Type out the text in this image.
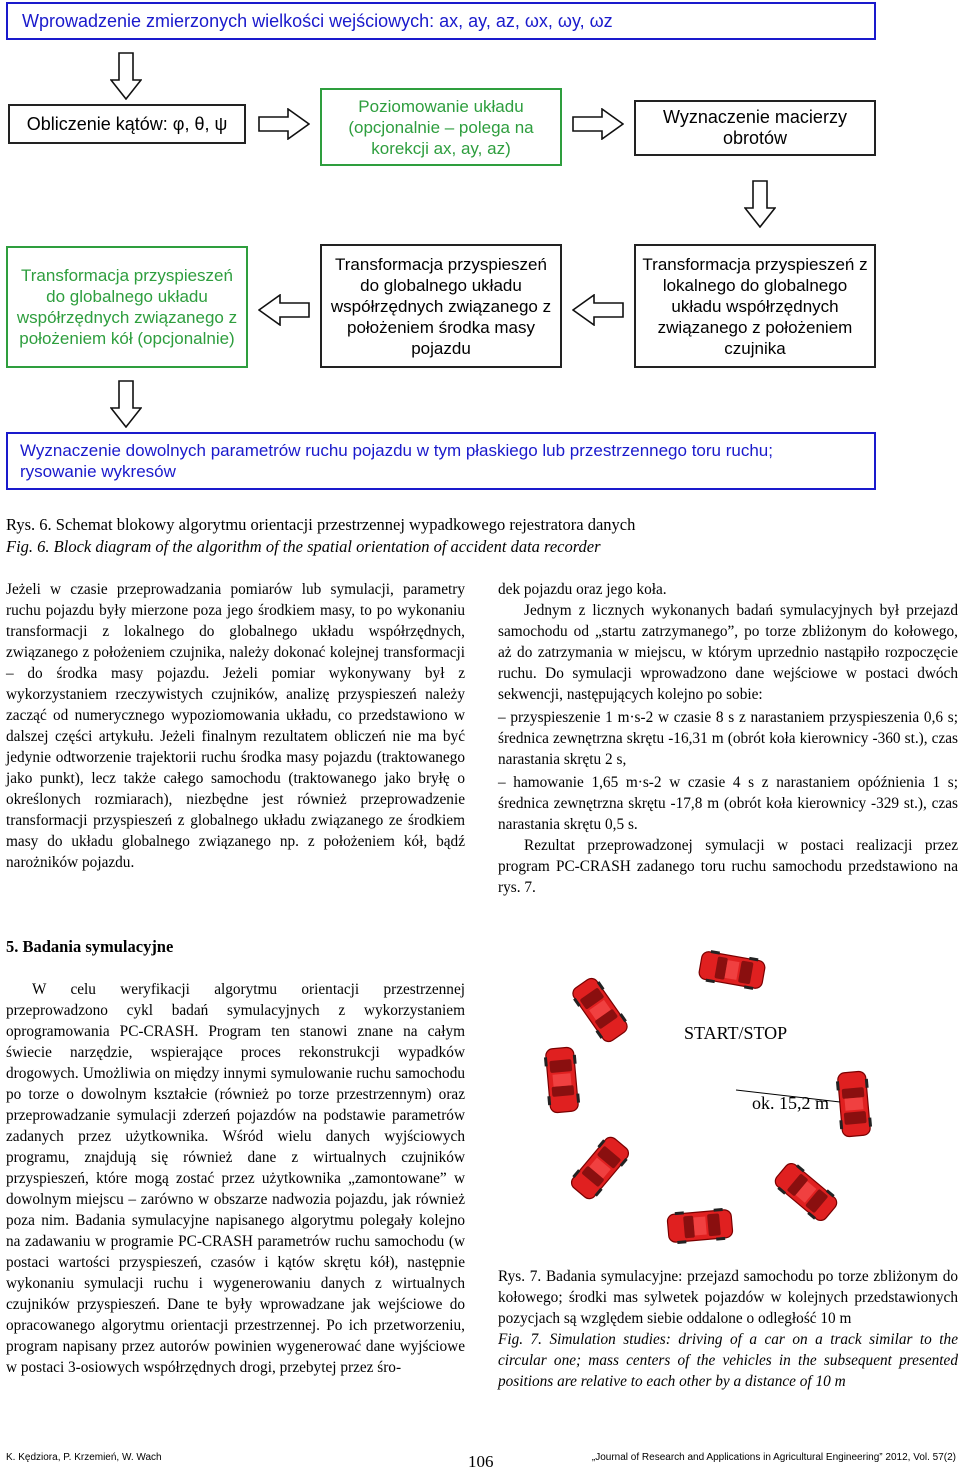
Wprowadzenie zmierzonych wielkości wejściowych: ax, ay, az, ωx, ωy, ωz
Obliczenie kątów: φ, θ, ψ
Poziomowanie układu (opcjonalnie – polega na korekcji ax, ay, az)
Wyznaczenie macierzy obrotów
Transformacja przyspieszeń do globalnego układu współrzędnych związanego z położeniem kół (opcjonalnie)
Transformacja przyspieszeń do globalnego układu współrzędnych związanego z położeniem środka masy pojazdu
Transformacja przyspieszeń z lokalnego do globalnego układu współrzędnych związanego z położeniem czujnika
Wyznaczenie dowolnych parametrów ruchu pojazdu w tym płaskiego lub przestrzennego toru ruchu; rysowanie wykresów
Rys. 6. Schemat blokowy algorytmu orientacji przestrzennej wypadkowego rejestratora danych
Fig. 6. Block diagram of the algorithm of the spatial orientation of accident data recorder

Jeżeli w czasie przeprowadzania pomiarów lub symulacji, parametry ruchu pojazdu były mierzone poza jego środkiem masy, to po wykonaniu transformacji z lokalnego do globalnego układu współrzędnych, związanego z położeniem czujnika, należy dokonać kolejnej transformacji – do środka masy pojazdu. Jeżeli pomiar wykonywany był z wykorzystaniem rzeczywistych czujników, analizę przyspieszeń należy zacząć od numerycznego wypoziomowania układu, co przedstawiono w dalszej części artykułu. Jeżeli finalnym rezultatem obliczeń nie ma być jedynie odtworzenie trajektorii ruchu środka masy pojazdu (traktowanego jako punkt), lecz także całego samochodu (traktowanego jako bryłę o określonych rozmiarach), niezbędne jest również przeprowadzenie transformacji przyspieszeń z globalnego układu związanego ze środkiem masy do układu globalnego związanego np. z położeniem kół, bądź narożników pojazdu.

5. Badania symulacyjne

W celu weryfikacji algorytmu orientacji przestrzennej przeprowadzono cykl badań symulacyjnych z wykorzystaniem oprogramowania PC-CRASH. Program ten stanowi znane na całym świecie narzędzie, wspierające proces rekonstrukcji wypadków drogowych. Umożliwia on między innymi symulowanie ruchu samochodu po torze o dowolnym kształcie (również po torze przestrzennym) oraz przeprowadzanie symulacji zderzeń pojazdów na podstawie parametrów zadanych przez użytkownika. Wśród wielu danych wyjściowych programu, znajdują się również dane z wirtualnych czujników przyspieszeń, które mogą zostać przez użytkownika „zamontowane” w dowolnym miejscu – zarówno w obszarze nadwozia pojazdu, jak również poza nim. Badania symulacyjne napisanego algorytmu polegały kolejno na zadawaniu w programie PC-CRASH parametrów ruchu samochodu (w postaci wartości przyspieszeń, czasów i kątów skrętu kół), następnie wykonaniu symulacji ruchu i wygenerowaniu danych z wirtualnych czujników przyspieszeń. Dane te były wprowadzane jak wejściowe do opracowanego algorytmu orientacji przestrzennej. Po ich przetworzeniu, program napisany przez autorów powinien wygenerować dane wyjściowe w postaci 3-osiowych współrzędnych drogi, przebytej przez śro-

dek pojazdu oraz jego koła.

Jednym z licznych wykonanych badań symulacyjnych był przejazd samochodu od „startu zatrzymanego”, po torze zbliżonym do kołowego, aż do zatrzymania w miejscu, w którym uprzednio nastąpiło rozpoczęcie ruchu. Do symulacji wprowadzono dane wejściowe w postaci dwóch sekwencji, następujących kolejno po sobie:

– przyspieszenie 1 m·s-2 w czasie 8 s z narastaniem przyspieszenia 0,6 s; średnica zewnętrzna skrętu -16,31 m (obrót koła kierownicy -360 st.), czas narastania skrętu 2 s,

– hamowanie 1,65 m·s-2 w czasie 4 s z narastaniem opóźnienia 1 s; średnica zewnętrzna skrętu -17,8 m (obrót koła kierownicy -329 st.), czas narastania skrętu 0,5 s.

Rezultat przeprowadzonej symulacji w postaci realizacji przez program PC-CRASH zadanego toru ruchu samochodu przedstawiono na rys. 7.

START/STOP
ok. 15,2 m

Rys. 7. Badania symulacyjne: przejazd samochodu po torze zbliżonym do kołowego; środki mas sylwetek pojazdów w kolejnych przedstawionych pozycjach są względem siebie oddalone o odległość 10 m

Fig. 7. Simulation studies: driving of a car on a track similar to the circular one; mass centers of the vehicles in the subsequent presented positions are relative to each other by a distance of 10 m

K. Kędziora, P. Krzemień, W. Wach	106	„Journal of Research and Applications in Agricultural Engineering” 2012, Vol. 57(2)
